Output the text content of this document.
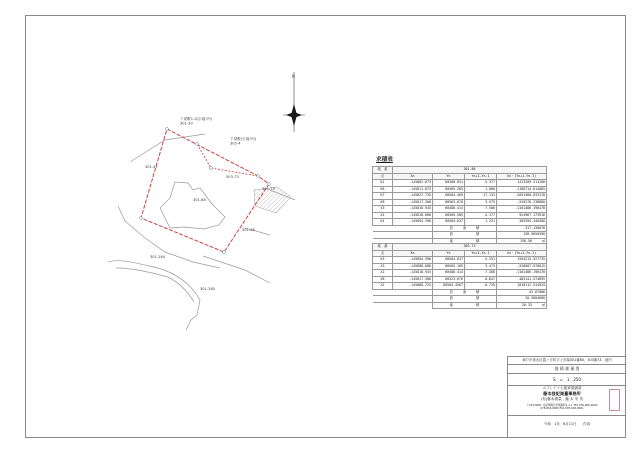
N
下屋敷1-3(字堀ﾉ内) 301-30
下屋敷(字堀ﾉ内) 302-4
301-47
301-86
303-73
301-75
301-48
301-264
301-265
求積表
地　番	301-86			
点	Xn	Yn	Yn+1-Yn-1	Xn・(Yn+1-Yn-1)
K1	-145882.673	60500.831	-5.377	1413209.311280
K6	-145811.673	60505.265	1.806	-1168714.614085
K7	-145827.735	60504.469	17.133	-2651360.833178
K8	-145817.306	60503.676	3.575	-520276.238880
X3	-145816.945	60488.414	7.586	-1161486.196478
X2	-145818.686	60505.589	-4.177	924967.173916
K4	-145894.396	60504.637	1.251	363394.440380
		倍　　　面　　　積		-317.130078
		面　　　　　　　積		158.5650390
		地　　　　　　　積		158.56　　　㎡
地　番	303-73			
点	Xn	Yn	Yn+1-Yn-1	Xn・(Yn+1-Yn-1)
K5	-145894.396	60504.637	-5.251	1594215.527735
X3	-145888.686	60505.169	3.473	-526007.570015
X2	-145816.945	60488.414	7.586	-1161486.196478
X8	-145817.306	60523.676	6.847	-485141.574895
X2	-145880.725	60504.4567	-6.739	1010112.514933
		倍　　　面　　　積		-42.67886
		面　　　　　　　積		20.5884680
		地　　　　　　　積		20.33　　　㎡
神戸市垂水区霞ヶ丘町字上市場301番80、303番73　地内
地 積 測 量 図
S　=　1：250
エフレイド土地家屋調査
藤本登記測量事務所
(有)藤本測量　藤 本 栄 茂
〒673-8001 兵庫県明石市明南町1-1-1 TEL 078-000-0000
078-918-0000 FAX 078-918-0001
令和　1年　6月11日　　作成
